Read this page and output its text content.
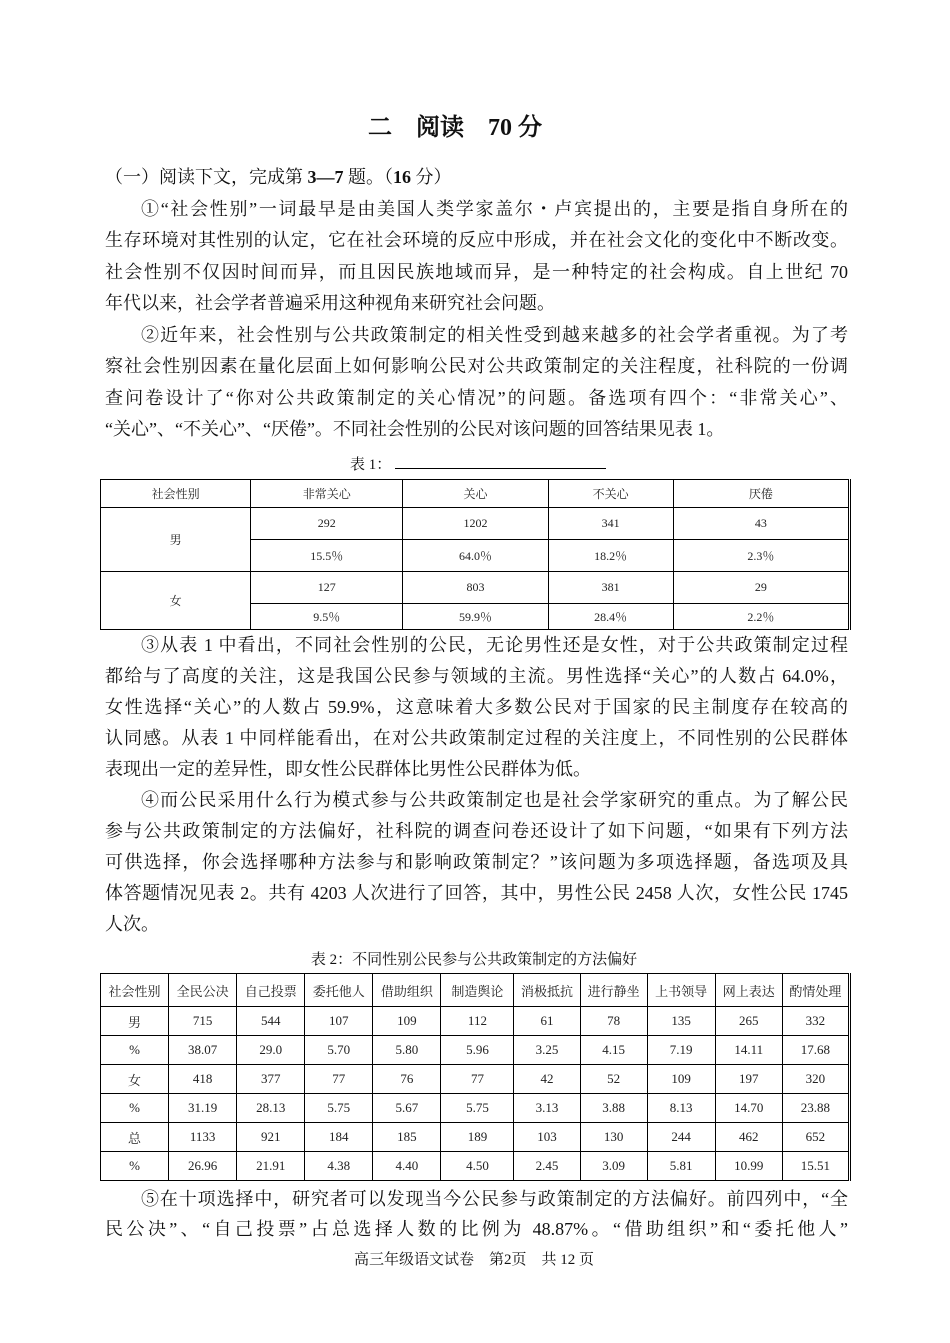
二　阅读　70 分
（一）阅读下文，完成第 3—7 题。（16 分）
①“社会性别”一词最早是由美国人类学家盖尔・卢宾提出的，主要是指自身所在的
生存环境对其性别的认定，它在社会环境的反应中形成，并在社会文化的变化中不断改变。
社会性别不仅因时间而异，而且因民族地域而异，是一种特定的社会构成。自上世纪 70
年代以来，社会学者普遍采用这种视角来研究社会问题。
②近年来，社会性别与公共政策制定的相关性受到越来越多的社会学者重视。为了考
察社会性别因素在量化层面上如何影响公民对公共政策制定的关注程度，社科院的一份调
查问卷设计了“你对公共政策制定的关心情况”的问题。备选项有四个：“非常关心”、
“关心”、“不关心”、“厌倦”。不同社会性别的公民对该问题的回答结果见表 1。
表 1：
社会性别	非常关心	关心	不关心	厌倦
男	292	1202	341	43
	15.5％	64.0％	18.2％	2.3％
女	127	803	381	29
	9.5％	59.9％	28.4％	2.2％
③从表 1 中看出，不同社会性别的公民，无论男性还是女性，对于公共政策制定过程
都给与了高度的关注，这是我国公民参与领域的主流。男性选择“关心”的人数占 64.0%，
女性选择“关心”的人数占 59.9%，这意味着大多数公民对于国家的民主制度存在较高的
认同感。从表 1 中同样能看出，在对公共政策制定过程的关注度上，不同性别的公民群体
表现出一定的差异性，即女性公民群体比男性公民群体为低。
④而公民采用什么行为模式参与公共政策制定也是社会学家研究的重点。为了解公民
参与公共政策制定的方法偏好，社科院的调查问卷还设计了如下问题，“如果有下列方法
可供选择，你会选择哪种方法参与和影响政策制定？”该问题为多项选择题，备选项及具
体答题情况见表 2。共有 4203 人次进行了回答，其中，男性公民 2458 人次，女性公民 1745
人次。
表 2：不同性别公民参与公共政策制定的方法偏好
社会性别	全民公决	自己投票	委托他人	借助组织	制造舆论	消极抵抗	进行静坐	上书领导	网上表达	酌情处理
男	715	544	107	109	112	61	78	135	265	332
%	38.07	29.0	5.70	5.80	5.96	3.25	4.15	7.19	14.11	17.68
女	418	377	77	76	77	42	52	109	197	320
%	31.19	28.13	5.75	5.67	5.75	3.13	3.88	8.13	14.70	23.88
总	1133	921	184	185	189	103	130	244	462	652
%	26.96	21.91	4.38	4.40	4.50	2.45	3.09	5.81	10.99	15.51
⑤在十项选择中，研究者可以发现当今公民参与政策制定的方法偏好。前四列中，“全
民公决”、“自己投票”占总选择人数的比例为 48.87%。“借助组织”和“委托他人”
高三年级语文试卷　第2页　共 12 页
